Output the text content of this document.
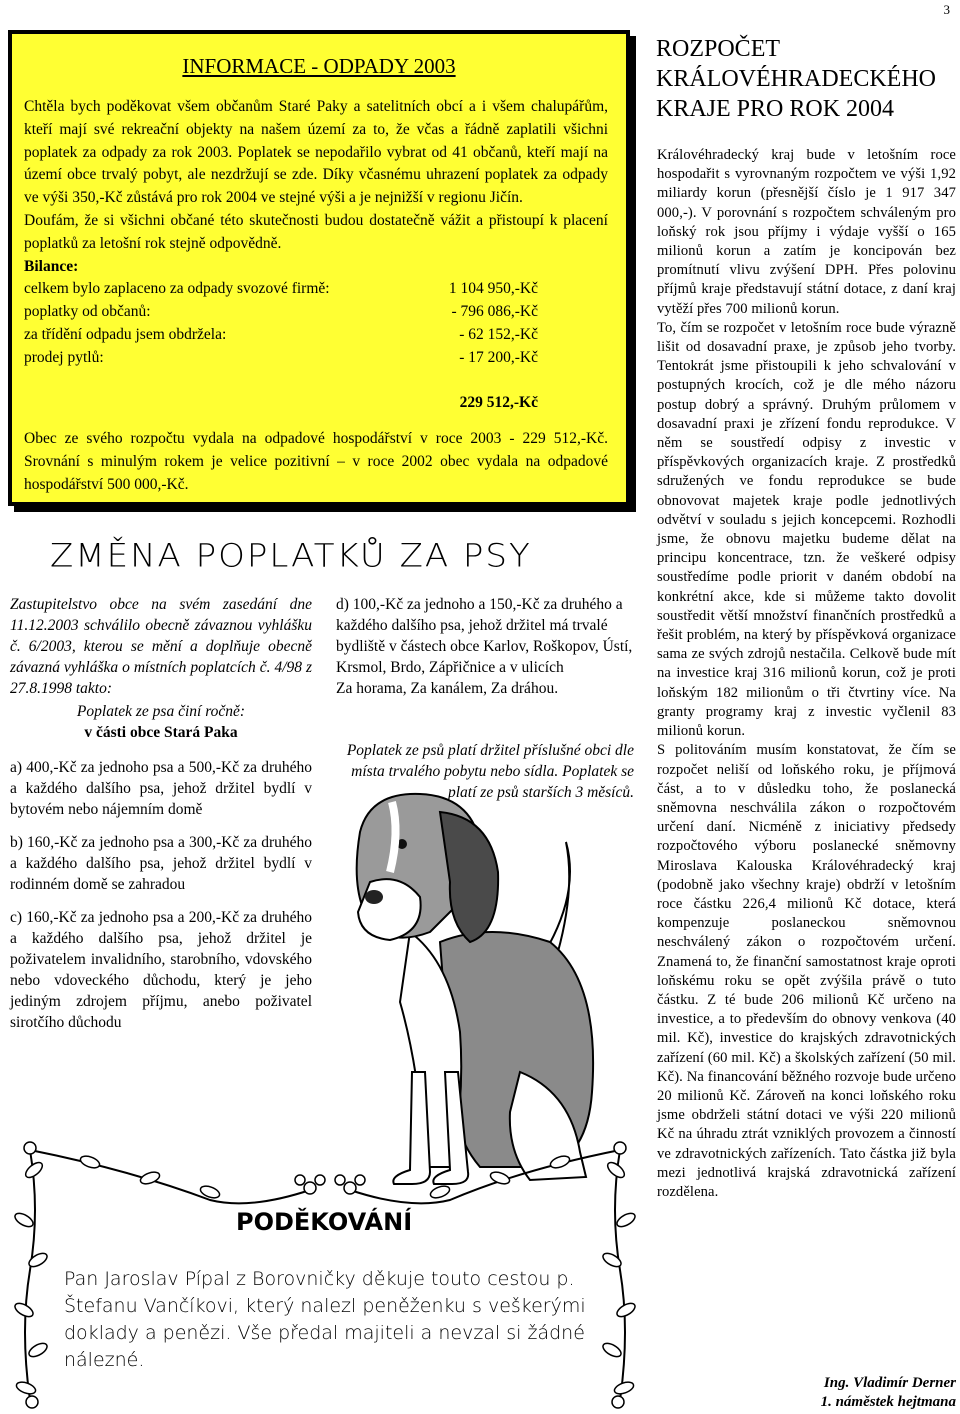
3
INFORMACE - ODPADY 2003

Chtěla bych poděkovat všem občanům Staré Paky a satelitních obcí a i všem chalupářům, kteří mají své rekreační objekty na našem území za to, že včas a řádně zaplatili všichni poplatek za odpady za rok 2003. Poplatek se nepodařilo vybrat od 41 občanů, kteří mají na území obce trvalý pobyt, ale nezdržují se zde. Díky včasnému uhrazení poplatek za odpady ve výši 350,-Kč zůstává pro rok 2004 ve stejné výši a je nejnižší v regionu Jičín.

Doufám, že si všichni občané této skutečnosti budou dostatečně vážit a přistoupí k placení poplatků za letošní rok stejně odpovědně.

Bilance:

celkem bylo zaplaceno za odpady svozové firmě:	1 104 950,-Kč
poplatky od občanů:	- 796 086,-Kč
za třídění odpadu jsem obdržela:	- 62 152,-Kč
prodej pytlů:	- 17 200,-Kč
229 512,-Kč

Obec ze svého rozpočtu vydala na odpadové hospodářství v roce 2003 - 229 512,-Kč. Srovnání s minulým rokem je velice pozitivní – v roce 2002 obec vydala na odpadové hospodářství 500 000,-Kč.

ZMĚNA POPLATKŮ ZA PSY

Zastupitelstvo obce na svém zasedání dne 11.12.2003 schválilo obecně závaznou vyhlášku č. 6/2003, kterou se mění a doplňuje obecně závazná vyhláška o místních poplatcích č. 4/98 z 27.8.1998 takto:

Poplatek ze psa činí ročně:
v části obce Stará Paka

a) 400,-Kč za jednoho psa a 500,-Kč za druhého a každého dalšího psa, jehož držitel bydlí v bytovém nebo nájemním domě

b) 160,-Kč za jednoho psa a 300,-Kč za druhého a každého dalšího psa, jehož držitel bydlí v rodinném domě se zahradou

c) 160,-Kč za jednoho psa a 200,-Kč za druhého a každého dalšího psa, jehož držitel je poživatelem invalidního, starobního, vdovského nebo vdoveckého důchodu, který je jeho jediným zdrojem příjmu, anebo poživatel sirotčího důchodu

d) 100,-Kč za jednoho a 150,-Kč za druhého a každého dalšího psa, jehož držitel má trvalé bydliště v částech obce Karlov, Roškopov, Ústí, Krsmol, Brdo, Zápřičnice a v ulicích

Za horama, Za kanálem, Za dráhou.

Poplatek ze psů platí držitel příslušné obci dle místa trvalého pobytu nebo sídla. Poplatek se platí ze psů starších 3 měsíců.
ROZPOČET KRÁLOVÉHRADECKÉHO KRAJE PRO ROK 2004

Královéhradecký kraj bude v letošním roce hospodařit s vyrovnaným rozpočtem ve výši 1,92 miliardy korun (přesnější číslo je 1 917 347 000,-). V porovnání s rozpočtem schváleným pro loňský rok jsou příjmy i výdaje vyšší o 165 milionů korun a zatím je koncipován bez promítnutí vlivu zvýšení DPH. Přes polovinu příjmů kraje představují státní dotace, z daní kraj vytěží přes 700 milionů korun.

To, čím se rozpočet v letošním roce bude výrazně lišit od dosavadní praxe, je způsob jeho tvorby. Tentokrát jsme přistoupili k jeho schvalování v postupných krocích, což je dle mého názoru postup dobrý a správný. Druhým průlomem v dosavadní praxi je zřízení fondu reprodukce. V něm se soustředí odpisy z investic v příspěvkových organizacích kraje. Z prostředků sdružených ve fondu reprodukce se bude obnovovat majetek kraje podle jednotlivých odvětví v souladu s jejich koncepcemi. Rozhodli jsme, že obnovu majetku budeme dělat na principu koncentrace, tzn. že veškeré odpisy soustředíme podle priorit v daném období na konkrétní akce, kde si můžeme takto dovolit soustředit větší množství finančních prostředků a řešit problém, na který by příspěvková organizace sama ze svých zdrojů nestačila. Celkově bude mít na investice kraj 316 milionů korun, což je proti loňským 182 milionům o tři čtvrtiny více. Na granty programy kraj z investic vyčlenil 83 milionů korun.

S politováním musím konstatovat, že čím se rozpočet neliší od loňského roku, je příjmová část, a to v důsledku toho, že poslanecká sněmovna neschválila zákon o rozpočtovém určení daní. Nicméně z iniciativy předsedy rozpočtového výboru poslanecké sněmovny Miroslava Kalouska Královéhradecký kraj (podobně jako všechny kraje) obdrží v letošním roce částku 226,4 milionů Kč dotace, která kompenzuje poslaneckou sněmovnou neschválený zákon o rozpočtovém určení. Znamená to, že finanční samostatnost kraje oproti loňskému roku se opět zvýšila právě o tuto částku. Z té bude 206 milionů Kč určeno na investice, a to především do obnovy venkova (40 mil. Kč), investice do krajských zdravotnických zařízení (60 mil. Kč) a školských zařízení (50 mil. Kč). Na financování běžného rozvoje bude určeno 20 milionů Kč. Zároveň na konci loňského roku jsme obdrželi státní dotaci ve výši 220 milionů Kč na úhradu ztrát vzniklých provozem a činností ve zdravotnických zařízeních. Tato částka již byla mezi jednotlivá krajská zdravotnická zařízení rozdělena.

Ing. Vladimír Derner
1. náměstek hejtmana
PODĚKOVÁNÍ
Pan Jaroslav Pípal z Borovničky děkuje touto cestou p. Štefanu Vančíkovi, který nalezl peněženku s veškerými doklady a penězi. Vše předal majiteli a nevzal si žádné nálezné.
